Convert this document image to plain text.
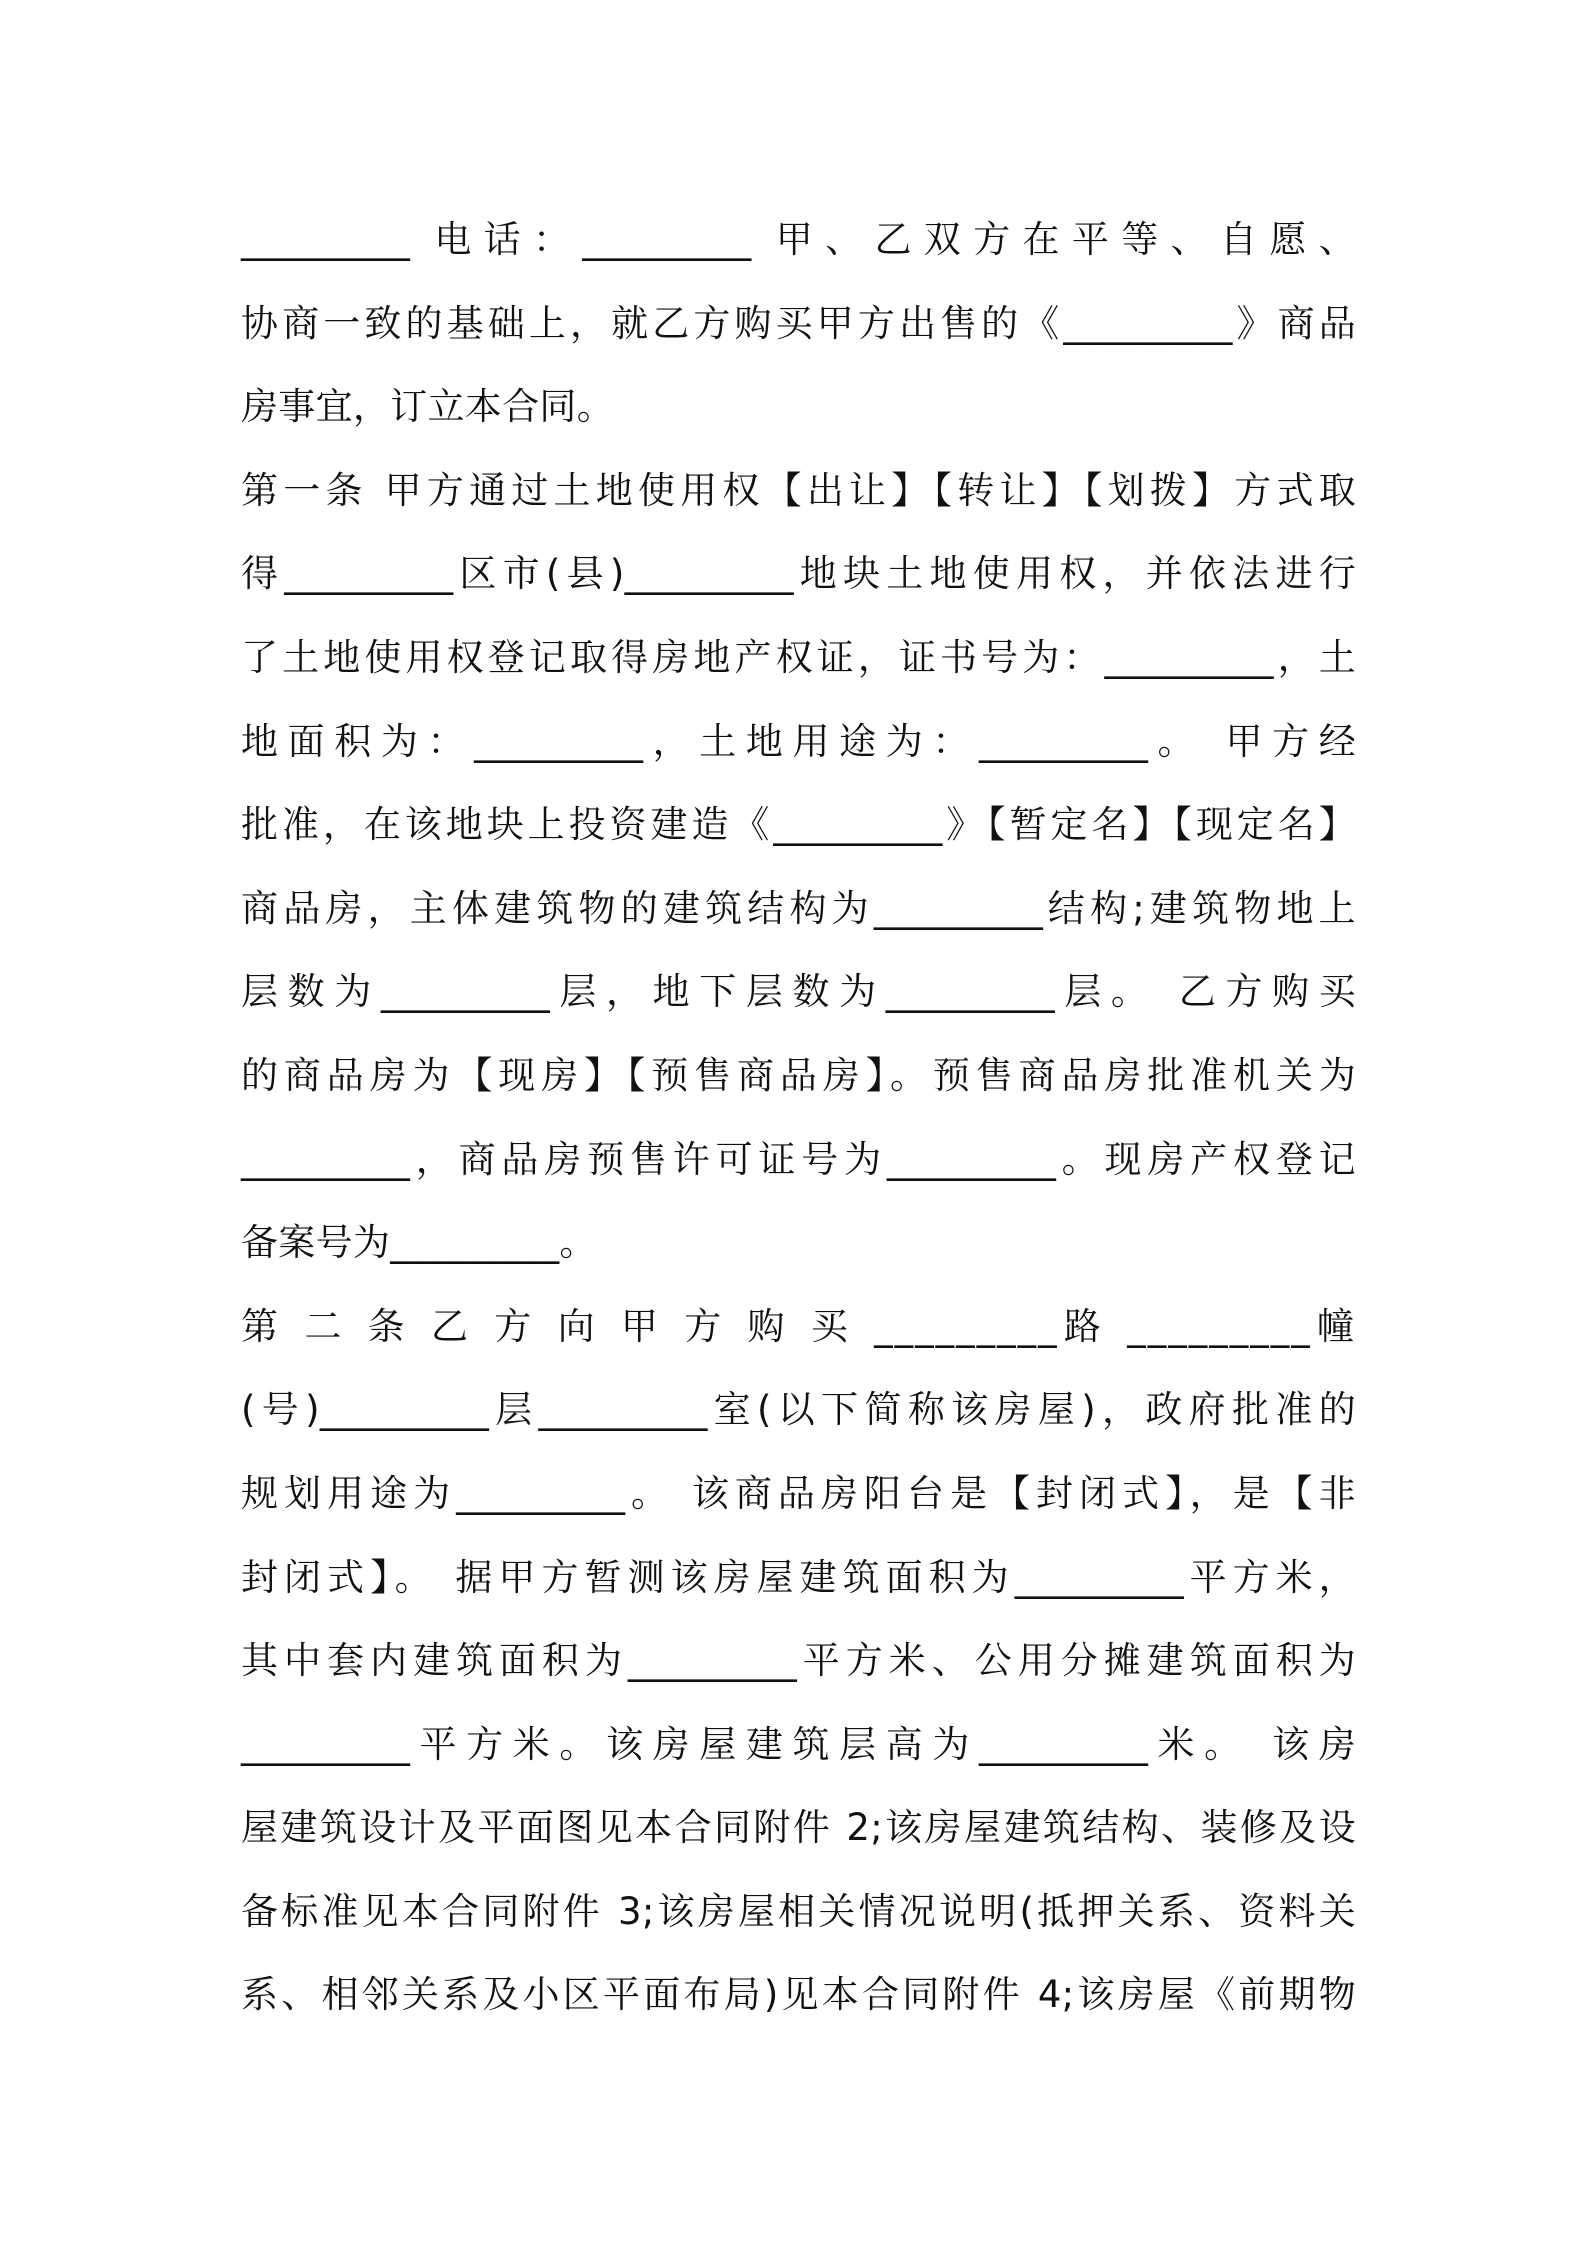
_________ 电话：_________ 甲、乙双方在平等、自愿、
协商一致的基础上，就乙方购买甲方出售的《_________》商品
房事宜，订立本合同。
第一条 甲方通过土地使用权【出让】【转让】【划拨】方式取
得_________区市(县)_________地块土地使用权，并依法进行
了土地使用权登记取得房地产权证，证书号为：_________，土
地面积为：_________，土地用途为：_________。 甲方经
批准，在该地块上投资建造《_________》【暂定名】【现定名】
商品房，主体建筑物的建筑结构为_________结构;建筑物地上
层数为_________层，地下层数为_________层。 乙方购买
的商品房为【现房】【预售商品房】。预售商品房批准机关为
_________，商品房预售许可证号为_________。现房产权登记
备案号为_________。
第 二 条 乙 方 向 甲 方 购 买 _________路 _________幢
(号)_________层_________室(以下简称该房屋)，政府批准的
规划用途为_________。 该商品房阳台是【封闭式】，是【非
封闭式】。 据甲方暂测该房屋建筑面积为_________平方米，
其中套内建筑面积为_________平方米、公用分摊建筑面积为
_________平方米。该房屋建筑层高为_________米。 该房
屋建筑设计及平面图见本合同附件 2;该房屋建筑结构、装修及设
备标准见本合同附件 3;该房屋相关情况说明(抵押关系、资料关
系、相邻关系及小区平面布局)见本合同附件 4;该房屋《前期物
